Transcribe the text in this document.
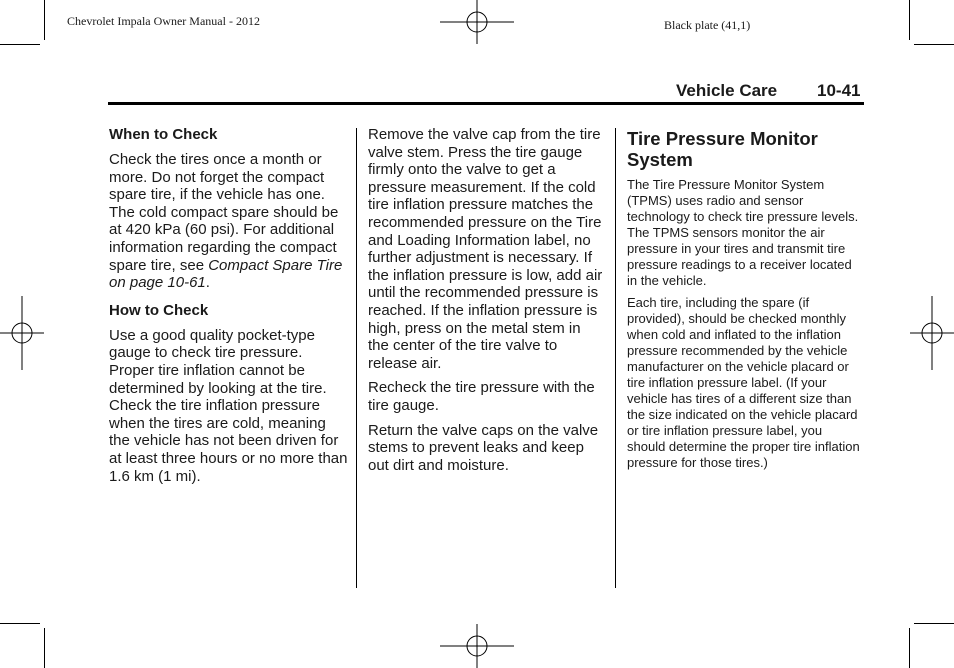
Chevrolet Impala Owner Manual - 2012	Black plate (41,1)
Vehicle Care 10-41
When to Check

Check the tires once a month or more. Do not forget the compact spare tire, if the vehicle has one. The cold compact spare should be at 420 kPa (60 psi). For additional information regarding the compact spare tire, see Compact Spare Tire on page 10-61.

How to Check

Use a good quality pocket-type gauge to check tire pressure. Proper tire inflation cannot be determined by looking at the tire. Check the tire inflation pressure when the tires are cold, meaning the vehicle has not been driven for at least three hours or no more than 1.6 km (1 mi).

Remove the valve cap from the tire valve stem. Press the tire gauge firmly onto the valve to get a pressure measurement. If the cold tire inflation pressure matches the recommended pressure on the Tire and Loading Information label, no further adjustment is necessary. If the inflation pressure is low, add air until the recommended pressure is reached. If the inflation pressure is high, press on the metal stem in the center of the tire valve to release air.

Recheck the tire pressure with the tire gauge.

Return the valve caps on the valve stems to prevent leaks and keep out dirt and moisture.

Tire Pressure Monitor System

The Tire Pressure Monitor System (TPMS) uses radio and sensor technology to check tire pressure levels. The TPMS sensors monitor the air pressure in your tires and transmit tire pressure readings to a receiver located in the vehicle.

Each tire, including the spare (if provided), should be checked monthly when cold and inflated to the inflation pressure recommended by the vehicle manufacturer on the vehicle placard or tire inflation pressure label. (If your vehicle has tires of a different size than the size indicated on the vehicle placard or tire inflation pressure label, you should determine the proper tire inflation pressure for those tires.)
